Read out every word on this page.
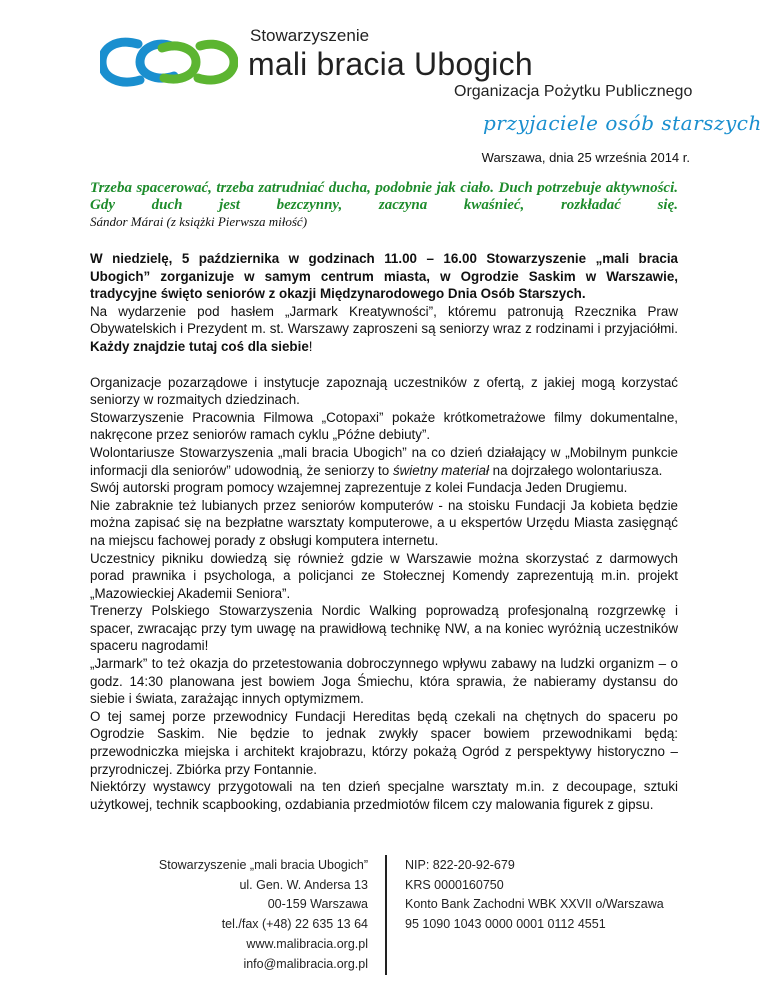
Stowarzyszenie
mali bracia Ubogich
Organizacja Pożytku Publicznego
przyjaciele osób starszych
Warszawa, dnia 25 września 2014 r.
Trzeba spacerować, trzeba zatrudniać ducha, podobnie jak ciało. Duch potrzebuje aktywności. Gdy duch jest bezczynny, zaczyna kwaśnieć, rozkładać się.
Sándor Márai (z książki Pierwsza miłość)

W niedzielę, 5 października w godzinach 11.00 – 16.00 Stowarzyszenie „mali bracia Ubogich” zorganizuje w samym centrum miasta, w Ogrodzie Saskim w Warszawie, tradycyjne święto seniorów z okazji Międzynarodowego Dnia Osób Starszych.

Na wydarzenie pod hasłem „Jarmark Kreatywności”, któremu patronują Rzecznika Praw Obywatelskich i Prezydent m. st. Warszawy zaproszeni są seniorzy wraz z rodzinami i przyjaciółmi. Każdy znajdzie tutaj coś dla siebie!

Organizacje pozarządowe i instytucje zapoznają uczestników z ofertą, z jakiej mogą korzystać seniorzy w rozmaitych dziedzinach.

Stowarzyszenie Pracownia Filmowa „Cotopaxi” pokaże krótkometrażowe filmy dokumentalne, nakręcone przez seniorów ramach cyklu „Późne debiuty”.

Wolontariusze Stowarzyszenia „mali bracia Ubogich” na co dzień działający w „Mobilnym punkcie informacji dla seniorów” udowodnią, że seniorzy to świetny materiał na dojrzałego wolontariusza.

Swój autorski program pomocy wzajemnej zaprezentuje z kolei Fundacja Jeden Drugiemu.

Nie zabraknie też lubianych przez seniorów komputerów - na stoisku Fundacji Ja kobieta będzie można zapisać się na bezpłatne warsztaty komputerowe, a u ekspertów Urzędu Miasta zasięgnąć na miejscu fachowej porady z obsługi komputera internetu.

Uczestnicy pikniku dowiedzą się również gdzie w Warszawie można skorzystać z darmowych porad prawnika i psychologa, a policjanci ze Stołecznej Komendy zaprezentują m.in. projekt „Mazowieckiej Akademii Seniora”.

Trenerzy Polskiego Stowarzyszenia Nordic Walking poprowadzą profesjonalną rozgrzewkę i spacer, zwracając przy tym uwagę na prawidłową technikę NW, a na koniec wyróżnią uczestników spaceru nagrodami!

„Jarmark” to też okazja do przetestowania dobroczynnego wpływu zabawy na ludzki organizm – o godz. 14:30 planowana jest bowiem Joga Śmiechu, która sprawia, że nabieramy dystansu do siebie i świata, zarażając innych optymizmem.

O tej samej porze przewodnicy Fundacji Hereditas będą czekali na chętnych do spaceru po Ogrodzie Saskim. Nie będzie to jednak zwykły spacer bowiem przewodnikami będą: przewodniczka miejska i architekt krajobrazu, którzy pokażą Ogród z perspektywy historyczno –przyrodniczej. Zbiórka przy Fontannie.

Niektórzy wystawcy przygotowali na ten dzień specjalne warsztaty m.in. z decoupage, sztuki użytkowej, technik scapbooking, ozdabiania przedmiotów filcem czy malowania figurek z gipsu.

Stowarzyszenie „mali bracia Ubogich”
ul. Gen. W. Andersa 13
00-159 Warszawa
tel./fax (+48) 22 635 13 64
www.malibracia.org.pl
info@malibracia.org.pl
NIP: 822-20-92-679
KRS 0000160750
Konto Bank Zachodni WBK XXVII o/Warszawa
95 1090 1043 0000 0001 0112 4551
